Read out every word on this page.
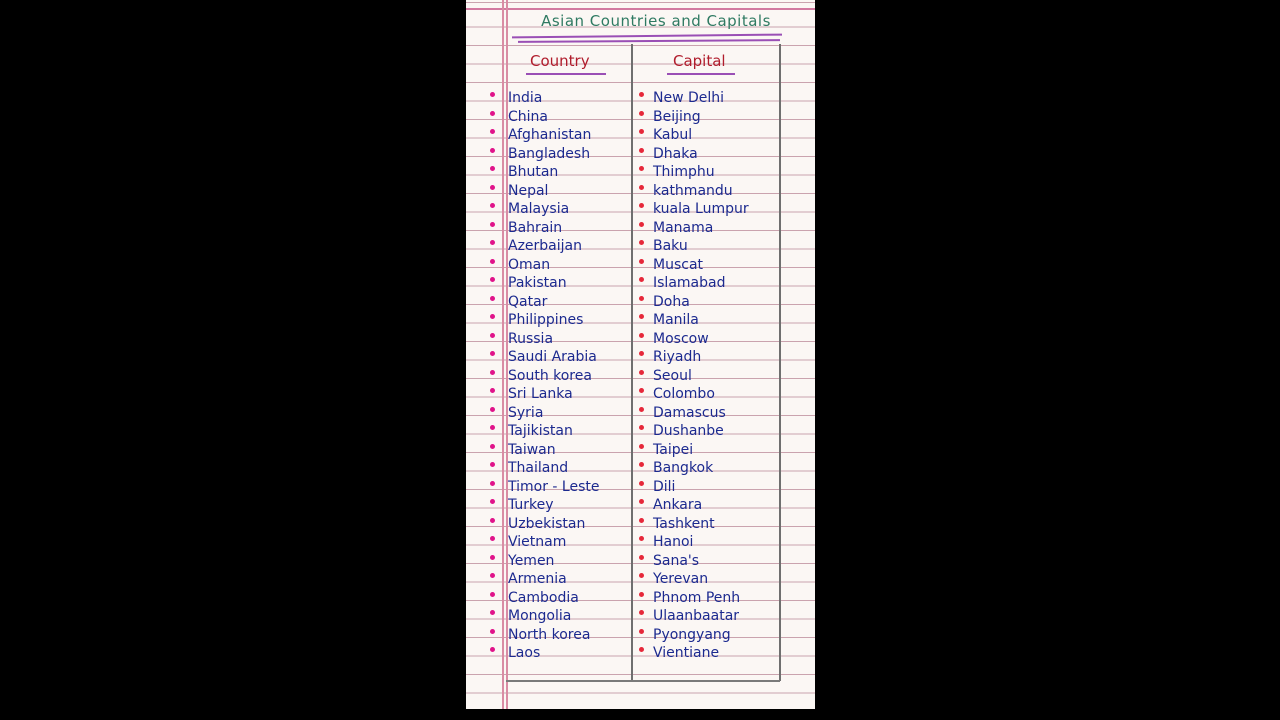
Asian Countries and Capitals
Country	Capital
India	New Delhi
China	Beijing
Afghanistan	Kabul
Bangladesh	Dhaka
Bhutan	Thimphu
Nepal	kathmandu
Malaysia	kuala Lumpur
Bahrain	Manama
Azerbaijan	Baku
Oman	Muscat
Pakistan	Islamabad
Qatar	Doha
Philippines	Manila
Russia	Moscow
Saudi Arabia	Riyadh
South korea	Seoul
Sri Lanka	Colombo
Syria	Damascus
Tajikistan	Dushanbe
Taiwan	Taipei
Thailand	Bangkok
Timor - Leste	Dili
Turkey	Ankara
Uzbekistan	Tashkent
Vietnam	Hanoi
Yemen	Sana's
Armenia	Yerevan
Cambodia	Phnom Penh
Mongolia	Ulaanbaatar
North korea	Pyongyang
Laos	Vientiane
